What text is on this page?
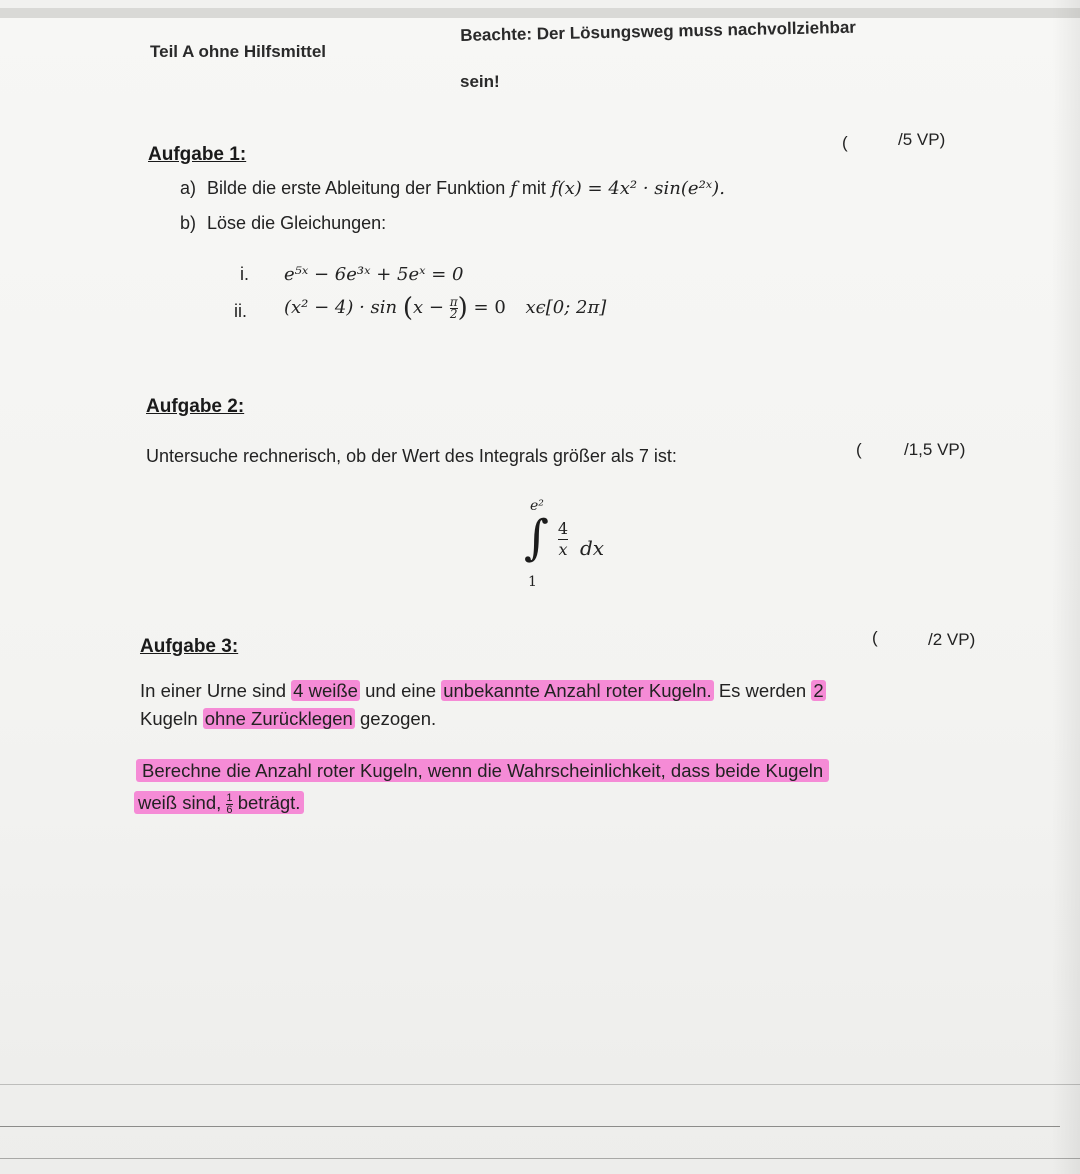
Teil A ohne Hilfsmittel
Beachte: Der Lösungsweg muss nachvollziehbar
sein!
Aufgabe 1:
(	/5 VP)
a) Bilde die erste Ableitung der Funktion f mit f(x) = 4x² · sin(e²ˣ).
b) Löse die Gleichungen:
i. e⁵ˣ − 6e³ˣ + 5eˣ = 0
ii. $(x^2 - 4) \cdot \sin (x - \frac{\pi}{2}$ ) = 0 xϵ[0; 2π]
Aufgabe 2:
Untersuche rechnerisch, ob der Wert des Integrals größer als 7 ist:	( /1,5 VP)
e²
∫
1
4
x dx
Aufgabe 3:	(	/2 VP)
In einer Urne sind 4 weiße und eine unbekannte Anzahl roter Kugeln. Es werden 2
Kugeln ohne Zurücklegen gezogen.
Berechne die Anzahl roter Kugeln, wenn die Wahrscheinlichkeit, dass beide Kugeln
weiß sind, $\frac{1}{6}$ beträgt.
